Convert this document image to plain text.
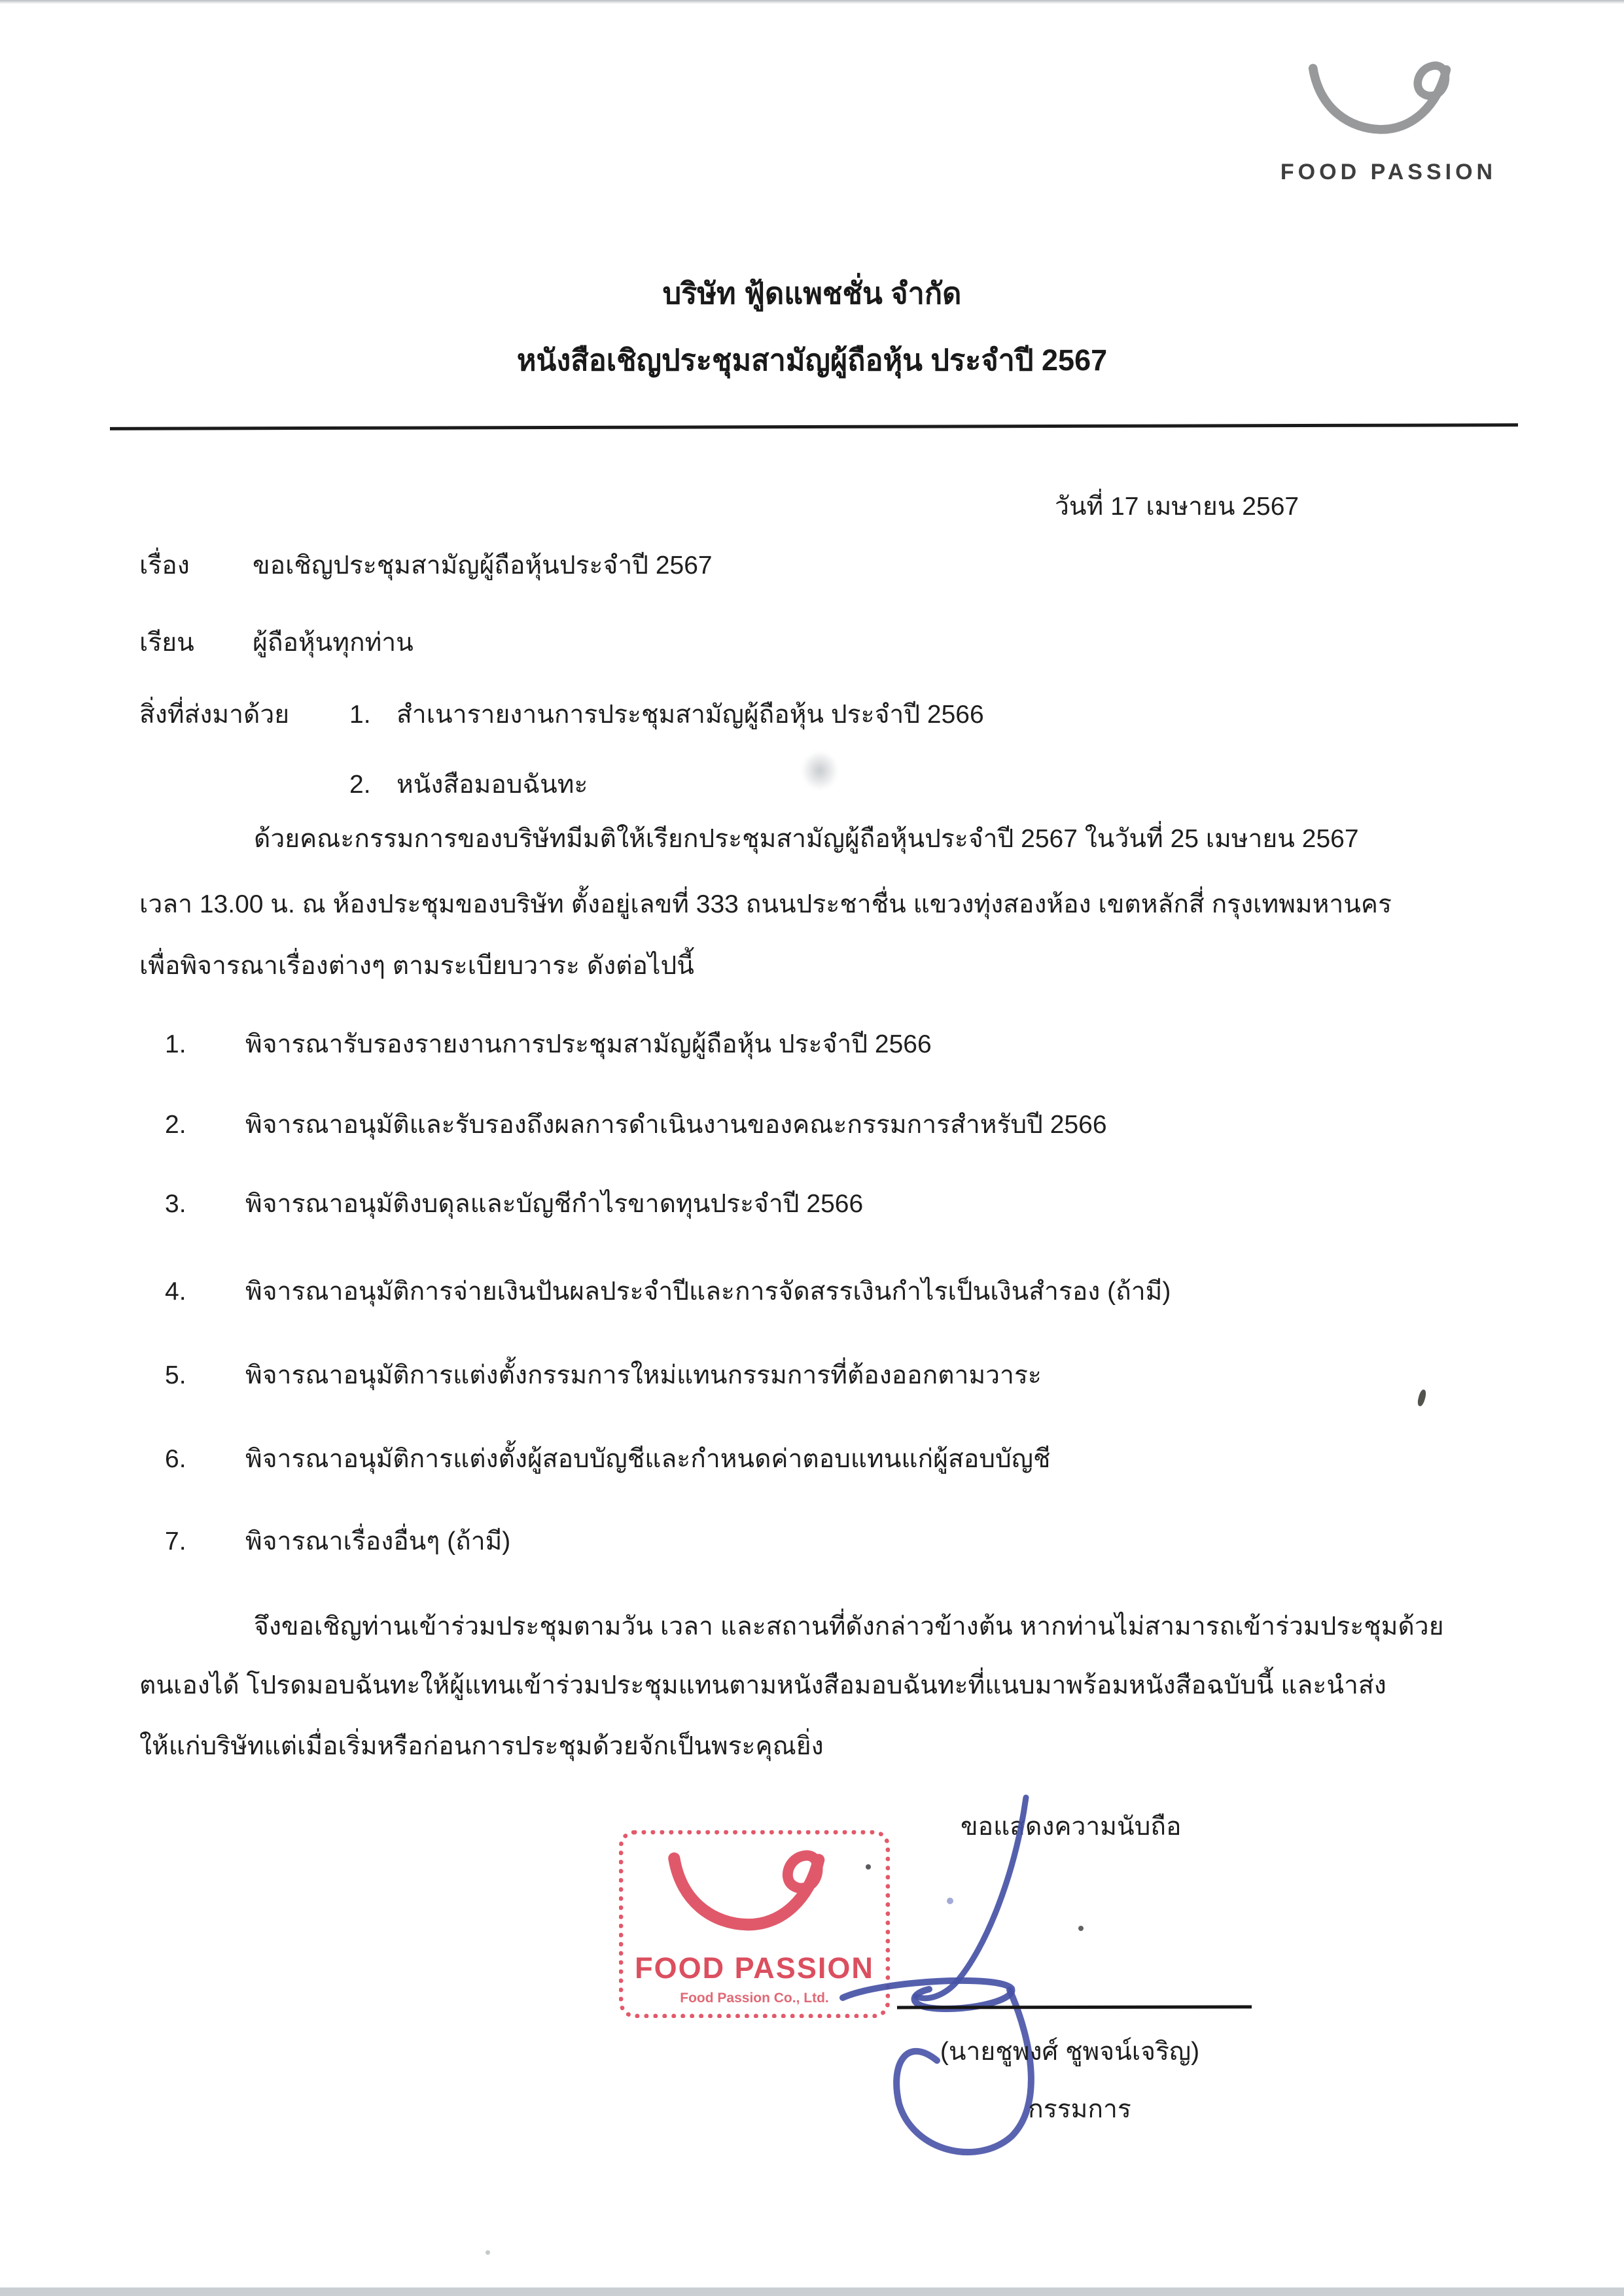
FOOD PASSION
บริษัท ฟู้ดแพชชั่น จำกัด
หนังสือเชิญประชุมสามัญผู้ถือหุ้น ประจำปี 2567
วันที่ 17 เมษายน 2567
เรื่อง ขอเชิญประชุมสามัญผู้ถือหุ้นประจำปี 2567
เรียน ผู้ถือหุ้นทุกท่าน
สิ่งที่ส่งมาด้วย 1. สำเนารายงานการประชุมสามัญผู้ถือหุ้น ประจำปี 2566
2. หนังสือมอบฉันทะ
ด้วยคณะกรรมการของบริษัทมีมติให้เรียกประชุมสามัญผู้ถือหุ้นประจำปี 2567 ในวันที่ 25 เมษายน 2567
เวลา 13.00 น. ณ ห้องประชุมของบริษัท ตั้งอยู่เลขที่ 333 ถนนประชาชื่น แขวงทุ่งสองห้อง เขตหลักสี่ กรุงเทพมหานคร
เพื่อพิจารณาเรื่องต่างๆ ตามระเบียบวาระ ดังต่อไปนี้
1. พิจารณารับรองรายงานการประชุมสามัญผู้ถือหุ้น ประจำปี 2566
2. พิจารณาอนุมัติและรับรองถึงผลการดำเนินงานของคณะกรรมการสำหรับปี 2566
3. พิจารณาอนุมัติงบดุลและบัญชีกำไรขาดทุนประจำปี 2566
4. พิจารณาอนุมัติการจ่ายเงินปันผลประจำปีและการจัดสรรเงินกำไรเป็นเงินสำรอง (ถ้ามี)
5. พิจารณาอนุมัติการแต่งตั้งกรรมการใหม่แทนกรรมการที่ต้องออกตามวาระ
6. พิจารณาอนุมัติการแต่งตั้งผู้สอบบัญชีและกำหนดค่าตอบแทนแก่ผู้สอบบัญชี
7. พิจารณาเรื่องอื่นๆ (ถ้ามี)
จึงขอเชิญท่านเข้าร่วมประชุมตามวัน เวลา และสถานที่ดังกล่าวข้างต้น หากท่านไม่สามารถเข้าร่วมประชุมด้วย
ตนเองได้ โปรดมอบฉันทะให้ผู้แทนเข้าร่วมประชุมแทนตามหนังสือมอบฉันทะที่แนบมาพร้อมหนังสือฉบับนี้ และนำส่ง
ให้แก่บริษัทแต่เมื่อเริ่มหรือก่อนการประชุมด้วยจักเป็นพระคุณยิ่ง
ขอแสดงความนับถือ
FOOD PASSION
Food Passion Co., Ltd.
(นายชูพงศ์ ชูพจน์เจริญ)
กรรมการ
